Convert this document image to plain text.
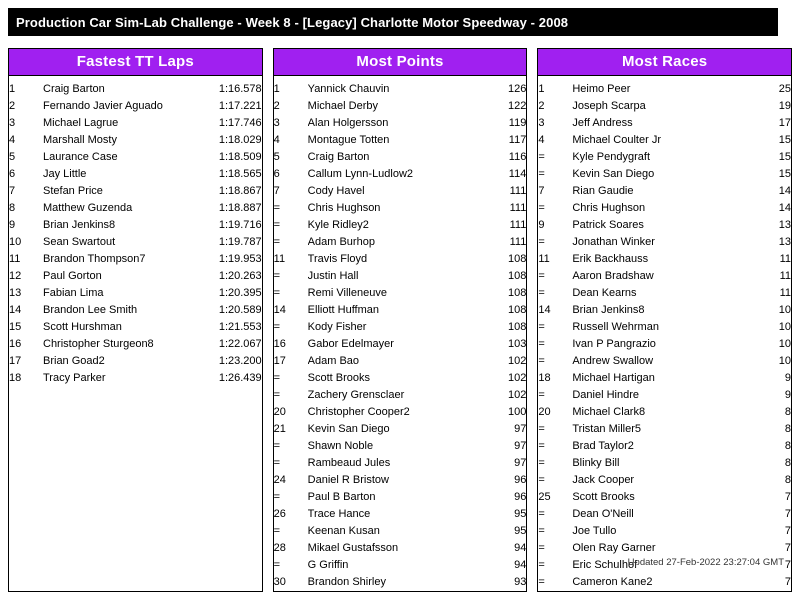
Production Car Sim-Lab Challenge - Week 8 - [Legacy] Charlotte Motor Speedway - 2008
Fastest TT Laps

1	Craig Barton	1:16.578
2	Fernando Javier Aguado	1:17.221
3	Michael Lagrue	1:17.746
4	Marshall Mosty	1:18.029
5	Laurance Case	1:18.509
6	Jay Little	1:18.565
7	Stefan Price	1:18.867
8	Matthew Guzenda	1:18.887
9	Brian Jenkins8	1:19.716
10	Sean Swartout	1:19.787
11	Brandon Thompson7	1:19.953
12	Paul Gorton	1:20.263
13	Fabian Lima	1:20.395
14	Brandon Lee Smith	1:20.589
15	Scott Hurshman	1:21.553
16	Christopher Sturgeon8	1:22.067
17	Brian Goad2	1:23.200
18	Tracy Parker	1:26.439
Most Points

1	Yannick Chauvin	126
2	Michael Derby	122
3	Alan Holgersson	119
4	Montague Totten	117
5	Craig Barton	116
6	Callum Lynn-Ludlow2	114
7	Cody Havel	111
=	Chris Hughson	111
=	Kyle Ridley2	111
=	Adam Burhop	111
11	Travis Floyd	108
=	Justin Hall	108
=	Remi Villeneuve	108
14	Elliott Huffman	108
=	Kody Fisher	108
16	Gabor Edelmayer	103
17	Adam Bao	102
=	Scott Brooks	102
=	Zachery Grensclaer	102
20	Christopher Cooper2	100
21	Kevin San Diego	97
=	Shawn Noble	97
=	Rambeaud Jules	97
24	Daniel R Bristow	96
=	Paul B Barton	96
26	Trace Hance	95
=	Keenan Kusan	95
28	Mikael Gustafsson	94
=	G Griffin	94
30	Brandon Shirley	93
Most Races

1	Heimo Peer	25
2	Joseph Scarpa	19
3	Jeff Andress	17
4	Michael Coulter Jr	15
=	Kyle Pendygraft	15
=	Kevin San Diego	15
7	Rian Gaudie	14
=	Chris Hughson	14
9	Patrick Soares	13
=	Jonathan Winker	13
11	Erik Backhauss	11
=	Aaron Bradshaw	11
=	Dean Kearns	11
14	Brian Jenkins8	10
=	Russell Wehrman	10
=	Ivan P Pangrazio	10
=	Andrew Swallow	10
18	Michael Hartigan	9
=	Daniel Hindre	9
20	Michael Clark8	8
=	Tristan Miller5	8
=	Brad Taylor2	8
=	Blinky Bill	8
=	Jack Cooper	8
25	Scott Brooks	7
=	Dean O'Neill	7
=	Joe Tullo	7
=	Olen Ray Garner	7
=	Eric Schulhof	7
=	Cameron Kane2	7
Updated 27-Feb-2022 23:27:04 GMT
